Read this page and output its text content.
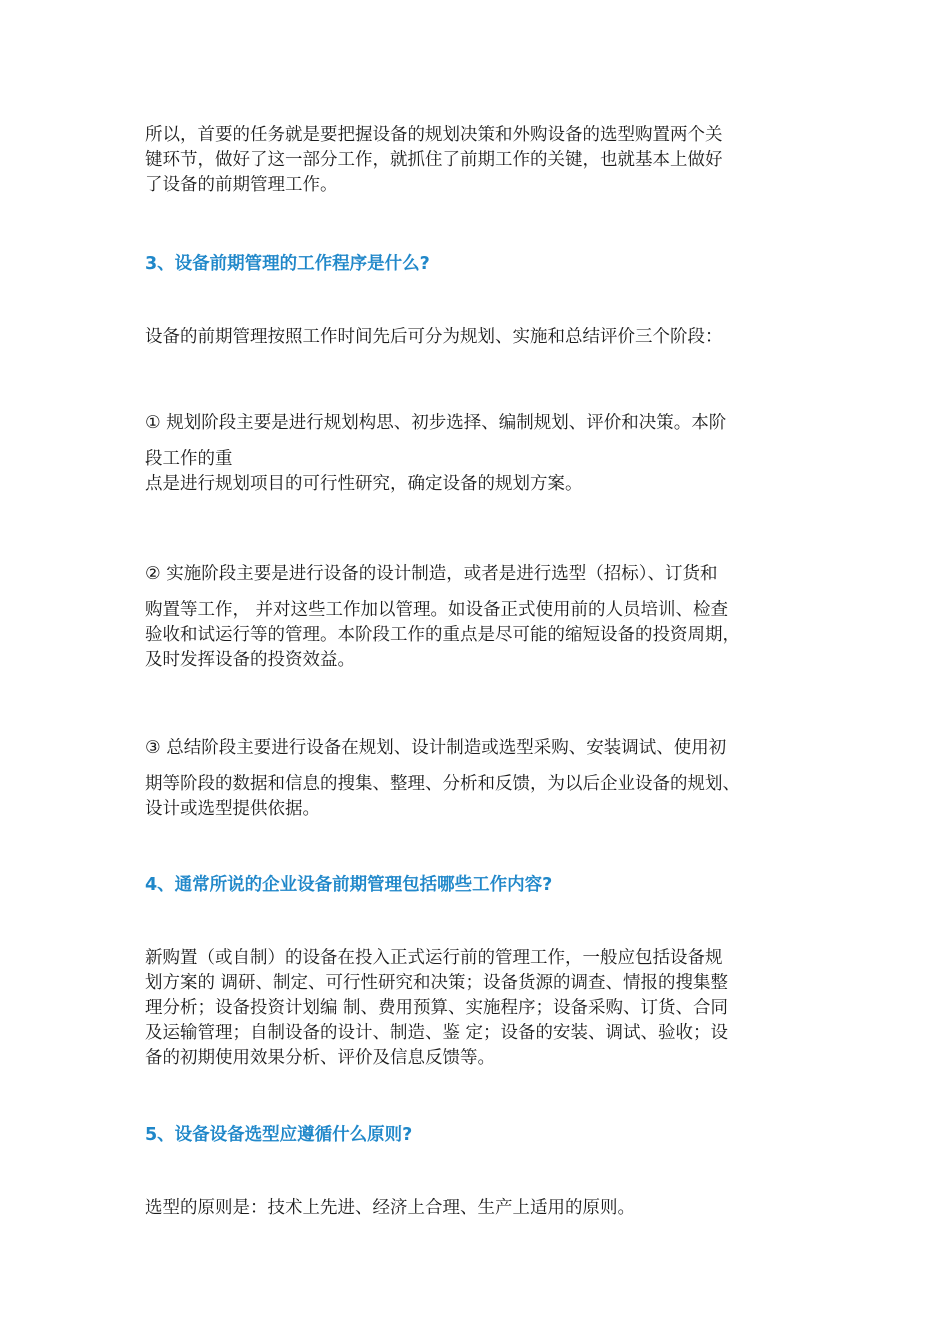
所以，首要的任务就是要把握设备的规划决策和外购设备的选型购置两个关
键环节，做好了这一部分工作，就抓住了前期工作的关键，也就基本上做好
了设备的前期管理工作。

3、设备前期管理的工作程序是什么?

设备的前期管理按照工作时间先后可分为规划、实施和总结评价三个阶段：

① 规划阶段主要是进行规划构思、初步选择、编制规划、评价和决策。本阶
段工作的重
点是进行规划项目的可行性研究，确定设备的规划方案。

② 实施阶段主要是进行设备的设计制造，或者是进行选型（招标）、订货和
购置等工作， 并对这些工作加以管理。如设备正式使用前的人员培训、检查
验收和试运行等的管理。本阶段工作的重点是尽可能的缩短设备的投资周期，
及时发挥设备的投资效益。

③ 总结阶段主要进行设备在规划、设计制造或选型采购、安装调试、使用初
期等阶段的数据和信息的搜集、整理、分析和反馈，为以后企业设备的规划、
设计或选型提供依据。

4、通常所说的企业设备前期管理包括哪些工作内容?

新购置（或自制）的设备在投入正式运行前的管理工作，一般应包括设备规
划方案的 调研、制定、可行性研究和决策；设备货源的调查、情报的搜集整
理分析；设备投资计划编 制、费用预算、实施程序；设备采购、订货、合同
及运输管理；自制设备的设计、制造、鉴 定；设备的安装、调试、验收；设
备的初期使用效果分析、评价及信息反馈等。

5、设备设备选型应遵循什么原则?

选型的原则是：技术上先进、经济上合理、生产上适用的原则。
